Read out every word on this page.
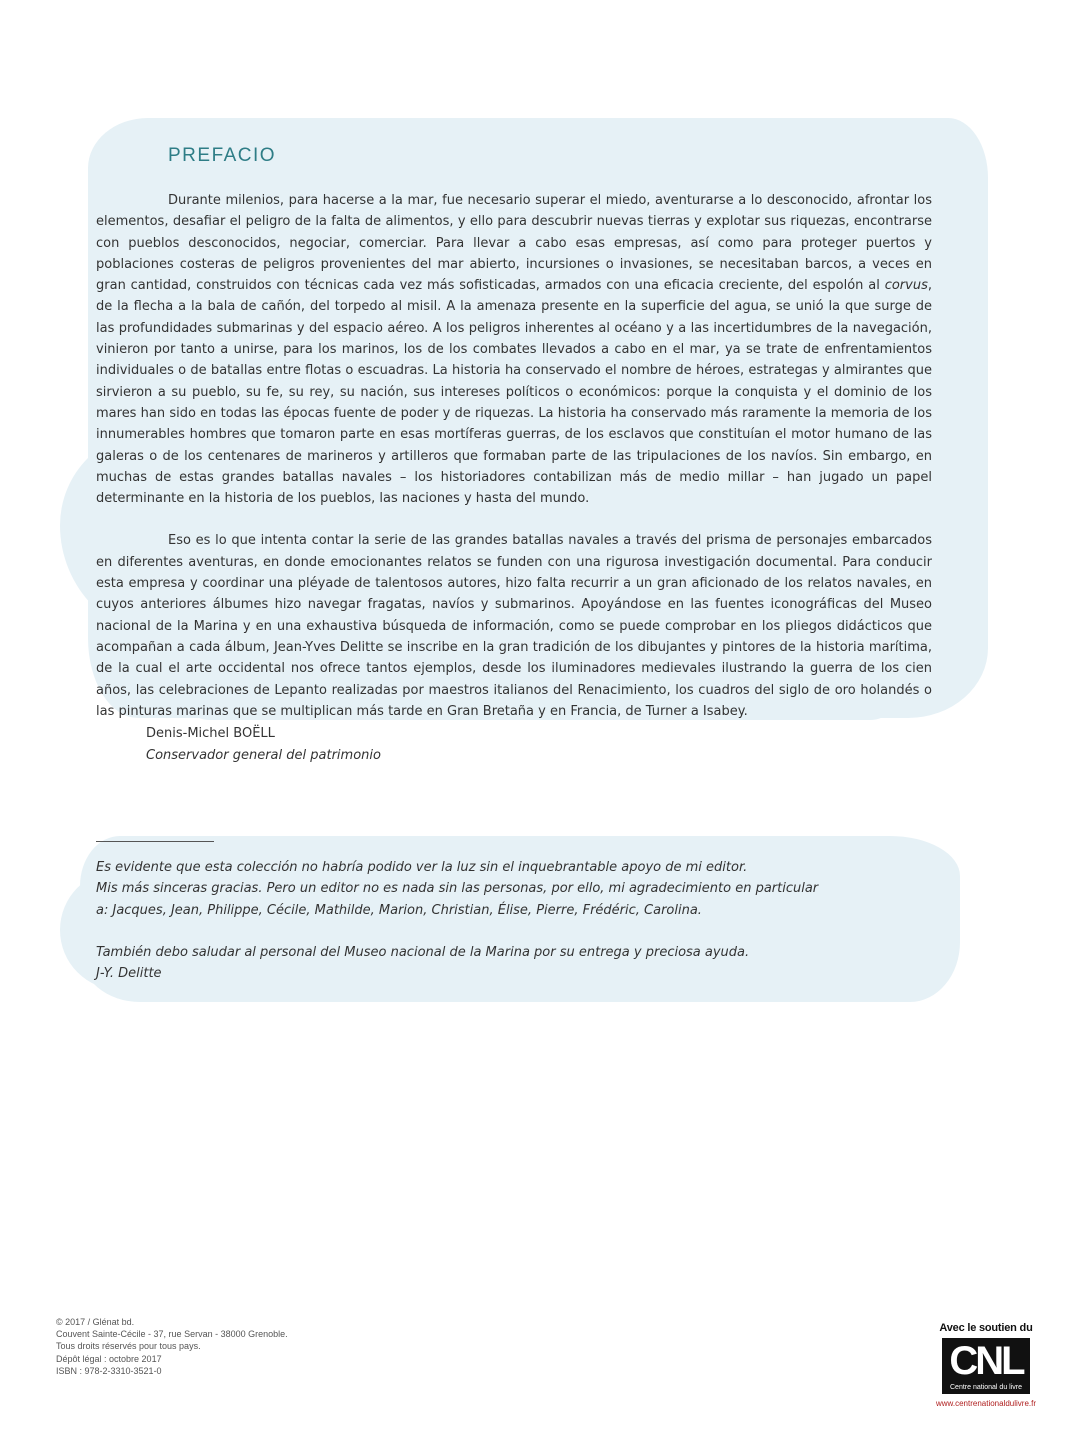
PREFACIO

Durante milenios, para hacerse a la mar, fue necesario superar el miedo, aventurarse a lo desconocido, afrontar los elementos, desafiar el peligro de la falta de alimentos, y ello para descubrir nuevas tierras y explotar sus riquezas, encontrarse con pueblos desconocidos, negociar, comerciar. Para llevar a cabo esas empresas, así como para proteger puertos y poblaciones costeras de peligros provenientes del mar abierto, incursiones o invasiones, se necesitaban barcos, a veces en gran cantidad, construidos con técnicas cada vez más sofisticadas, armados con una eficacia creciente, del espolón al corvus, de la flecha a la bala de cañón, del torpedo al misil. A la amenaza presente en la superficie del agua, se unió la que surge de las profundidades submarinas y del espacio aéreo. A los peligros inherentes al océano y a las incertidumbres de la navegación, vinieron por tanto a unirse, para los marinos, los de los combates llevados a cabo en el mar, ya se trate de enfrentamientos individuales o de batallas entre flotas o escuadras. La historia ha conservado el nombre de héroes, estrategas y almirantes que sirvieron a su pueblo, su fe, su rey, su nación, sus intereses políticos o económicos: porque la conquista y el dominio de los mares han sido en todas las épocas fuente de poder y de riquezas. La historia ha conservado más raramente la memoria de los innumerables hombres que tomaron parte en esas mortíferas guerras, de los esclavos que constituían el motor humano de las galeras o de los centenares de marineros y artilleros que formaban parte de las tripulaciones de los navíos. Sin embargo, en muchas de estas grandes batallas navales – los historiadores contabilizan más de medio millar – han jugado un papel determinante en la historia de los pueblos, las naciones y hasta del mundo.

Eso es lo que intenta contar la serie de las grandes batallas navales a través del prisma de personajes embarcados en diferentes aventuras, en donde emocionantes relatos se funden con una rigurosa investigación documental. Para conducir esta empresa y coordinar una pléyade de talentosos autores, hizo falta recurrir a un gran aficionado de los relatos navales, en cuyos anteriores álbumes hizo navegar fragatas, navíos y submarinos. Apoyándose en las fuentes iconográficas del Museo nacional de la Marina y en una exhaustiva búsqueda de información, como se puede comprobar en los pliegos didácticos que acompañan a cada álbum, Jean-Yves Delitte se inscribe en la gran tradición de los dibujantes y pintores de la historia marítima, de la cual el arte occidental nos ofrece tantos ejemplos, desde los iluminadores medievales ilustrando la guerra de los cien años, las celebraciones de Lepanto realizadas por maestros italianos del Renacimiento, los cuadros del siglo de oro holandés o las pinturas marinas que se multiplican más tarde en Gran Bretaña y en Francia, de Turner a Isabey.

Denis-Michel BOËLL
Conservador general del patrimonio
Es evidente que esta colección no habría podido ver la luz sin el inquebrantable apoyo de mi editor.
Mis más sinceras gracias. Pero un editor no es nada sin las personas, por ello, mi agradecimiento en particular
a: Jacques, Jean, Philippe, Cécile, Mathilde, Marion, Christian, Élise, Pierre, Frédéric, Carolina.
También debo saludar al personal del Museo nacional de la Marina por su entrega y preciosa ayuda.
J-Y. Delitte
© 2017 / Glénat bd.
Couvent Sainte-Cécile - 37, rue Servan - 38000 Grenoble.
Tous droits réservés pour tous pays.
Dépôt légal : octobre 2017
ISBN : 978-2-3310-3521-0
Avec le soutien du
CNL
Centre national du livre
www.centrenationaldulivre.fr
